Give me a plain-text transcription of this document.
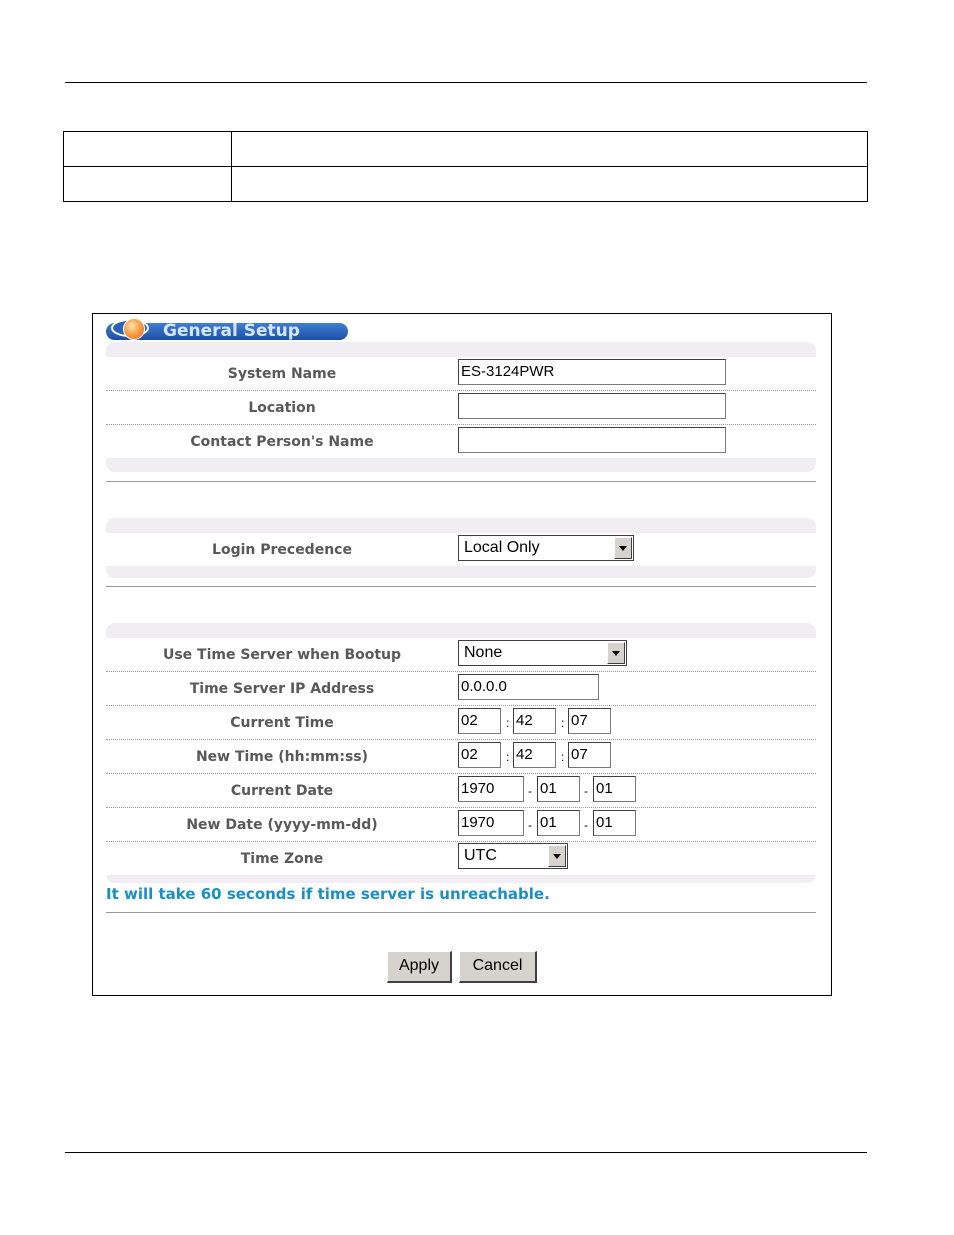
General Setup
System Name	ES-3124PWR
Location
Contact Person's Name
Login Precedence	Local Only
Use Time Server when Bootup	None
Time Server IP Address	0.0.0.0
Current Time	02	: 42	: 07
New Time (hh:mm:ss)	02	: 42	: 07
Current Date	1970	- 01	- 01
New Date (yyyy-mm-dd)	1970	- 01	- 01
Time Zone	UTC
It will take 60 seconds if time server is unreachable.
Apply	Cancel
